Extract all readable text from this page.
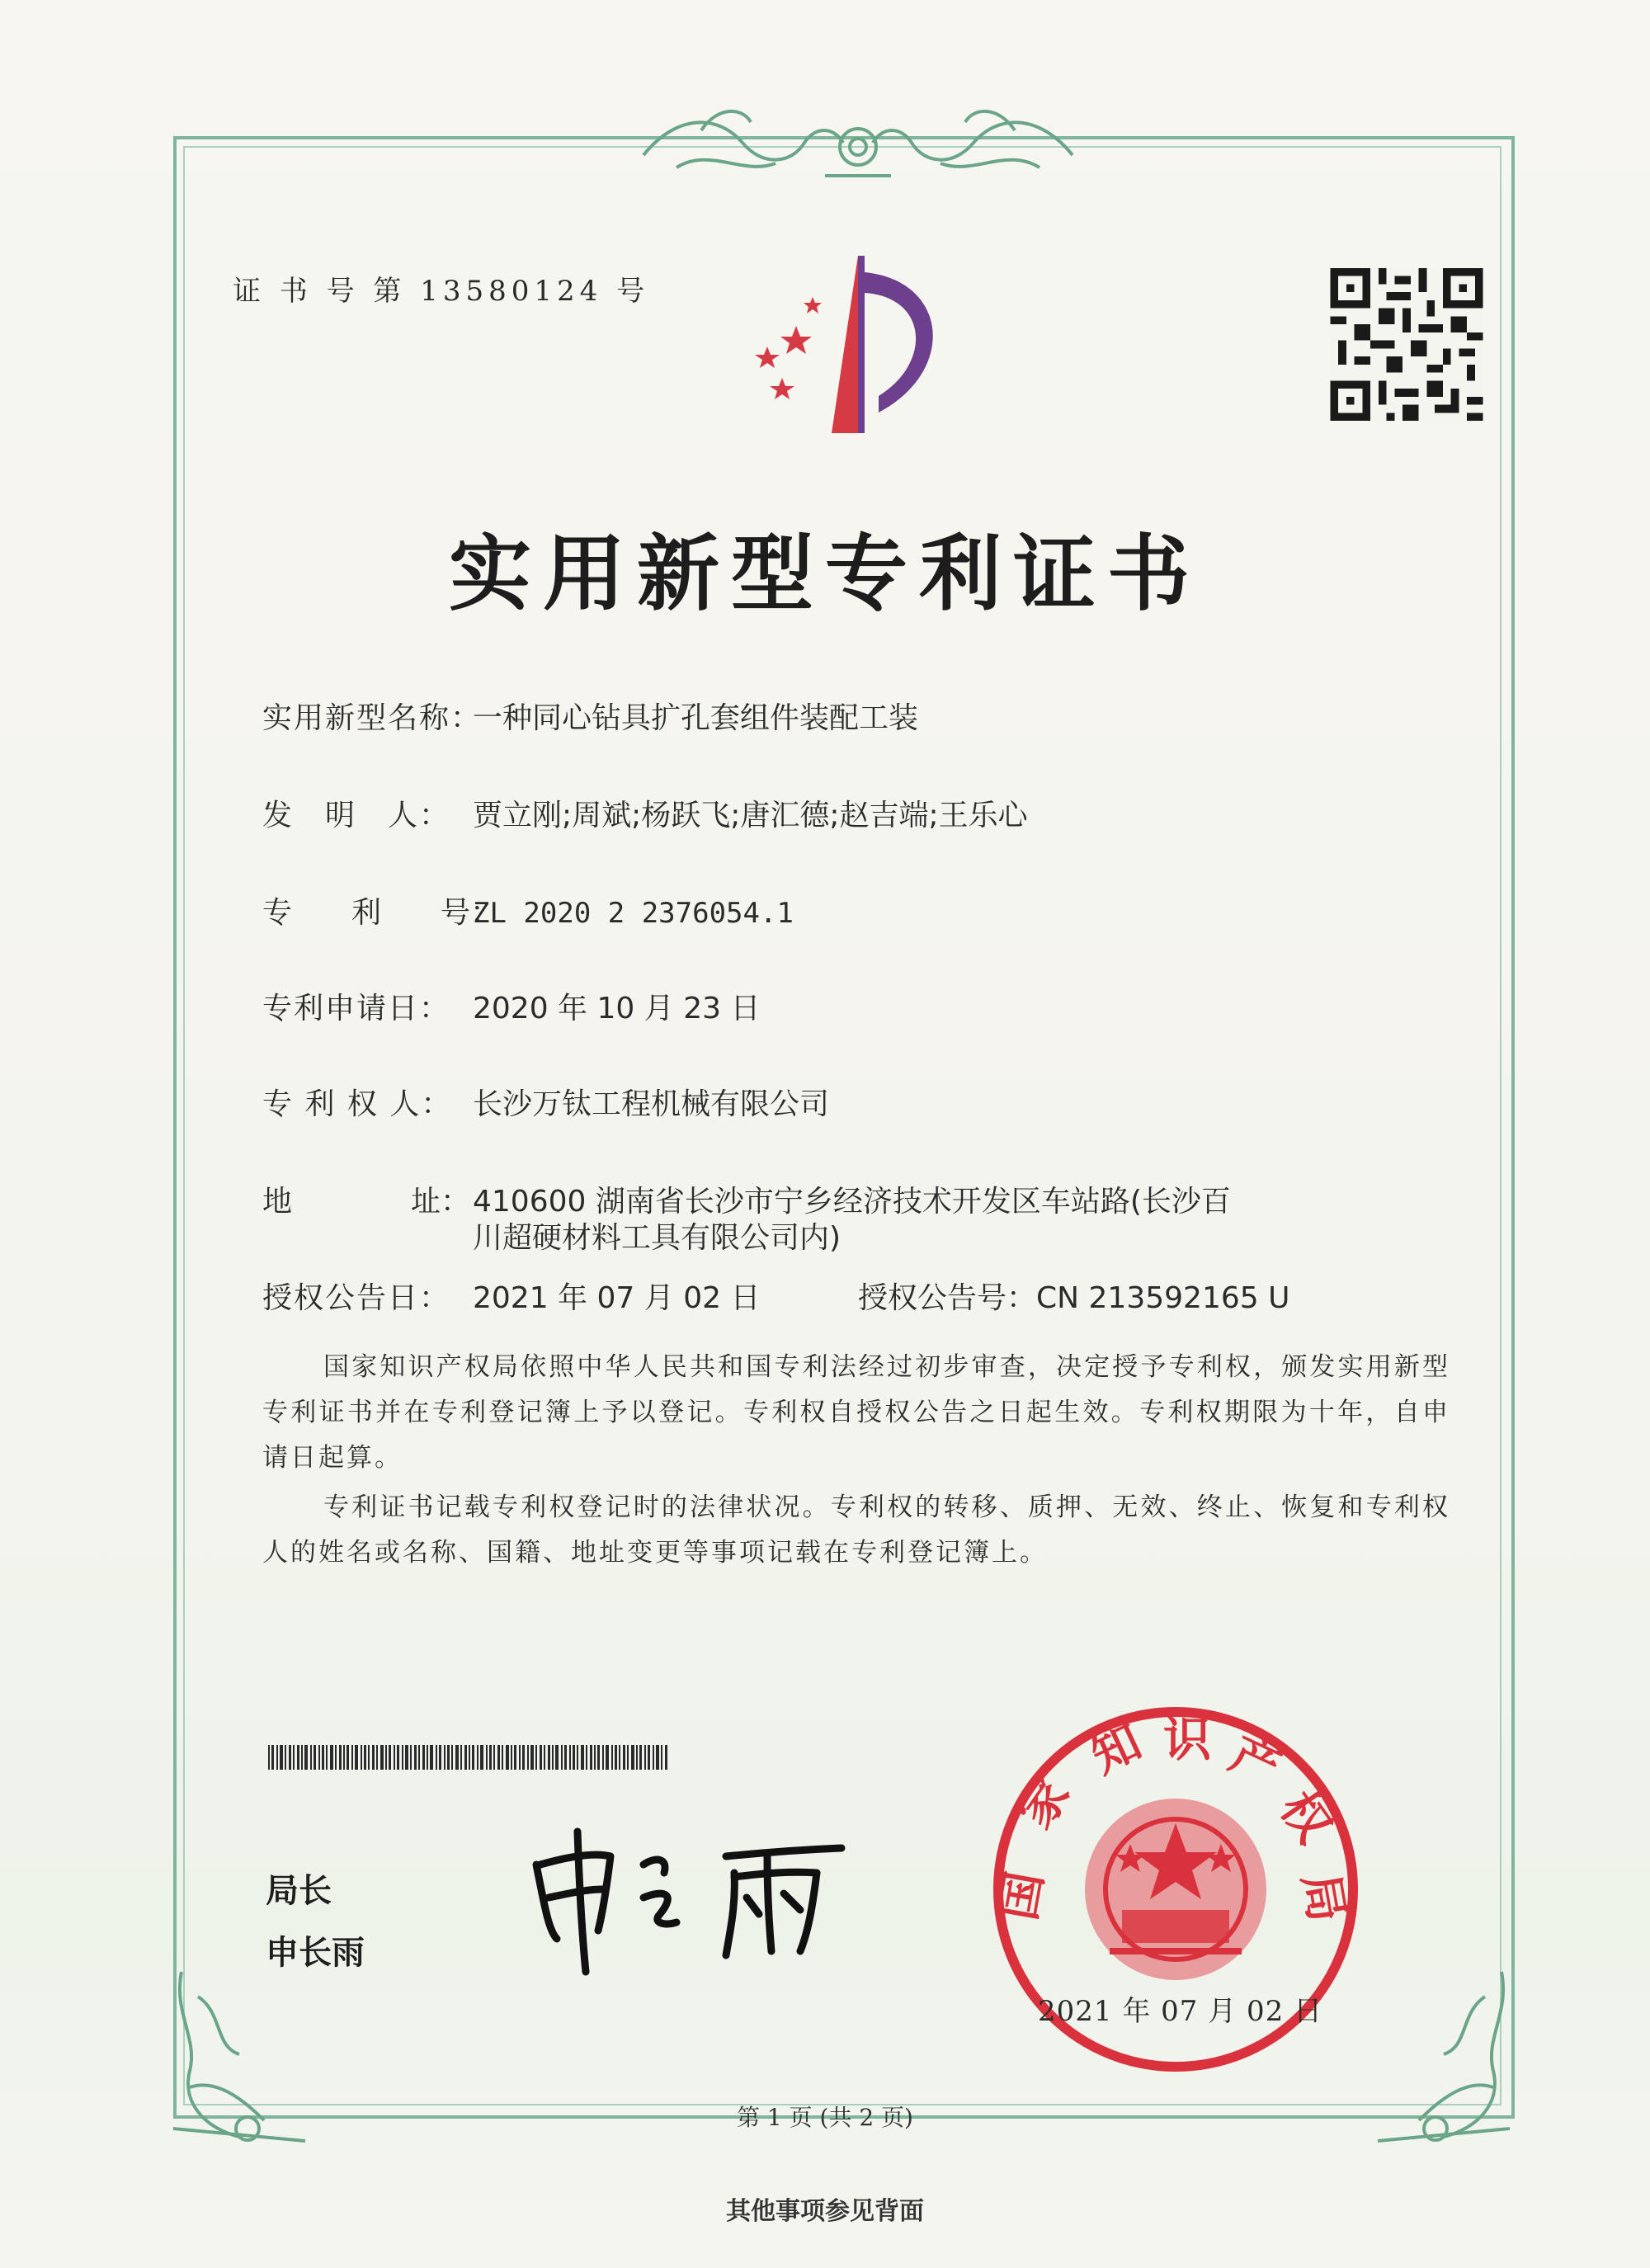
证 书 号 第 13580124 号
实用新型专利证书
实用新型名称：一种同心钻具扩孔套组件装配工装
发　明　人： 贾立刚;周斌;杨跃飞;唐汇德;赵吉端;王乐心
专　　利　　号：ZL 2020 2 2376054.1
专利申请日： 2020 年 10 月 23 日
专 利 权 人： 长沙万钛工程机械有限公司
地　　　　址：410600 湖南省长沙市宁乡经济技术开发区车站路(长沙百
川超硬材料工具有限公司内)
授权公告日： 2021 年 07 月 02 日	授权公告号：CN 213592165 U
国家知识产权局依照中华人民共和国专利法经过初步审查，决定授予专利权，颁发实用新型专利证书并在专利登记簿上予以登记。专利权自授权公告之日起生效。专利权期限为十年，自申请日起算。
专利证书记载专利权登记时的法律状况。专利权的转移、质押、无效、终止、恢复和专利权人的姓名或名称、国籍、地址变更等事项记载在专利登记簿上。
局长
申长雨
国
家
知 识 产
权
局
2021 年 07 月 02 日
第 1 页 (共 2 页)
其他事项参见背面
